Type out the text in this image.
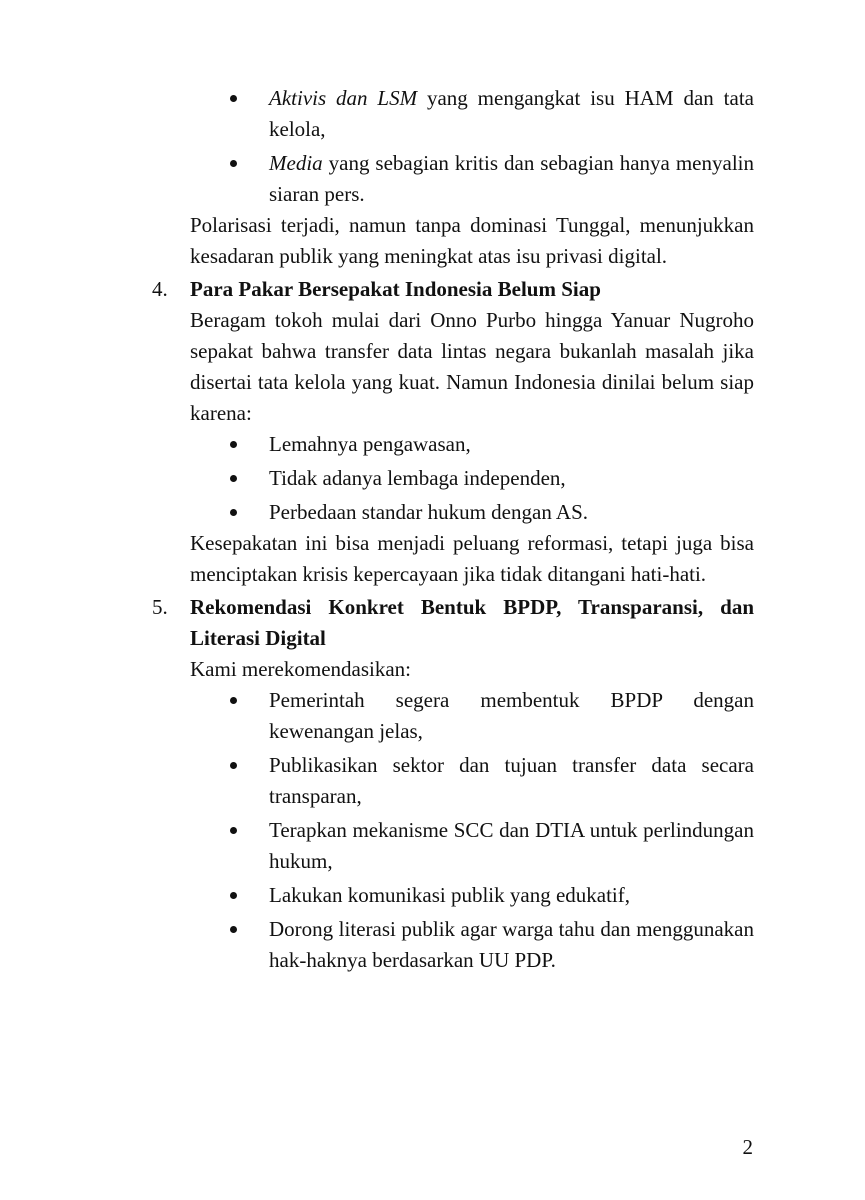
Aktivis dan LSM yang mengangkat isu HAM dan tata kelola,
Media yang sebagian kritis dan sebagian hanya menyalin siaran pers.

Polarisasi terjadi, namun tanpa dominasi Tunggal, menunjukkan kesadaran publik yang meningkat atas isu privasi digital.

4. Para Pakar Bersepakat Indonesia Belum Siap

Beragam tokoh mulai dari Onno Purbo hingga Yanuar Nugroho sepakat bahwa transfer data lintas negara bukanlah masalah jika disertai tata kelola yang kuat. Namun Indonesia dinilai belum siap karena:

Lemahnya pengawasan,
Tidak adanya lembaga independen,
Perbedaan standar hukum dengan AS.

Kesepakatan ini bisa menjadi peluang reformasi, tetapi juga bisa menciptakan krisis kepercayaan jika tidak ditangani hati-hati.

5. Rekomendasi Konkret Bentuk BPDP, Transparansi, dan Literasi Digital

Kami merekomendasikan:

Pemerintah segera membentuk BPDP dengan kewenangan jelas,
Publikasikan sektor dan tujuan transfer data secara transparan,
Terapkan mekanisme SCC dan DTIA untuk perlindungan hukum,
Lakukan komunikasi publik yang edukatif,
Dorong literasi publik agar warga tahu dan menggunakan hak-haknya berdasarkan UU PDP.
2
